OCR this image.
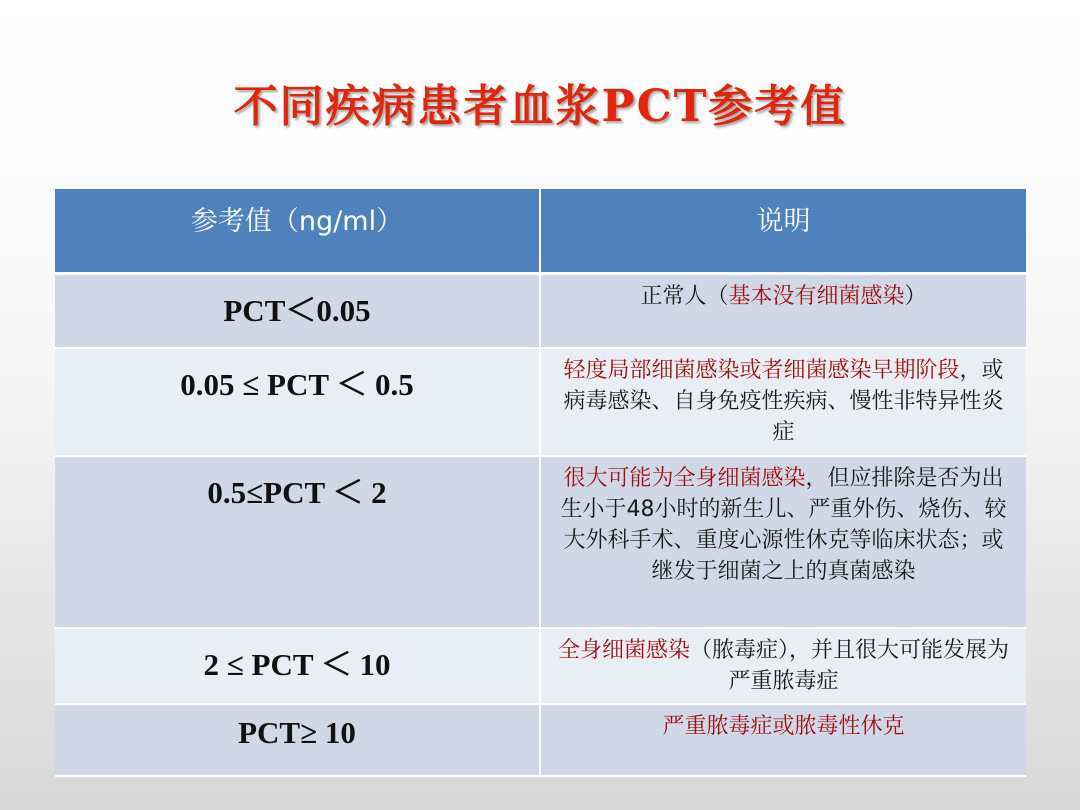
不同疾病患者血浆PCT参考值
参考值（ng/ml）	说明
PCT＜0.05	正常人（基本没有细菌感染）
0.05 ≤ PCT ＜ 0.5	轻度局部细菌感染或者细菌感染早期阶段，或病毒感染、自身免疫性疾病、慢性非特异性炎症
0.5≤PCT ＜ 2	很大可能为全身细菌感染，但应排除是否为出生小于48小时的新生儿、严重外伤、烧伤、较大外科手术、重度心源性休克等临床状态；或继发于细菌之上的真菌感染
2 ≤ PCT ＜ 10	全身细菌感染（脓毒症），并且很大可能发展为严重脓毒症
PCT≥ 10	严重脓毒症或脓毒性休克
